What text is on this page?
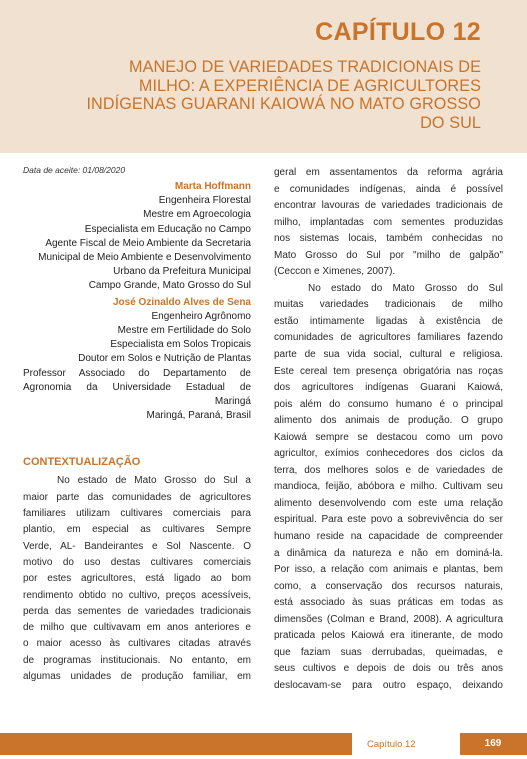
CAPÍTULO 12
MANEJO DE VARIEDADES TRADICIONAIS DE
MILHO: A EXPERIÊNCIA DE AGRICULTORES
INDÍGENAS GUARANI KAIOWÁ NO MATO GROSSO
DO SUL
Data de aceite: 01/08/2020
Marta Hoffmann
Engenheira Florestal
Mestre em Agroecologia
Especialista em Educação no Campo
Agente Fiscal de Meio Ambiente da Secretaria
Municipal de Meio Ambiente e Desenvolvimento
Urbano da Prefeitura Municipal
Campo Grande, Mato Grosso do Sul
José Ozinaldo Alves de Sena
Engenheiro Agrônomo
Mestre em Fertilidade do Solo
Especialista em Solos Tropicais
Doutor em Solos e Nutrição de Plantas
Professor Associado do Departamento de
Agronomia da Universidade Estadual de
Maringá
Maringá, Paraná, Brasil
CONTEXTUALIZAÇÃO
No estado de Mato Grosso do Sul a
maior parte das comunidades de agricultores
familiares utilizam cultivares comerciais para
plantio, em especial as cultivares Sempre
Verde, AL- Bandeirantes e Sol Nascente. O
motivo do uso destas cultivares comerciais
por estes agricultores, está ligado ao bom
rendimento obtido no cultivo, preços acessíveis,
perda das sementes de variedades tradicionais
de milho que cultivavam em anos anteriores e
o maior acesso às cultivares citadas através
de programas institucionais. No entanto, em
algumas unidades de produção familiar, em
geral em assentamentos da reforma agrária
e comunidades indígenas, ainda é possível
encontrar lavouras de variedades tradicionais de
milho, implantadas com sementes produzidas
nos sistemas locais, também conhecidas no
Mato Grosso do Sul por "milho de galpão"
(Ceccon e Ximenes, 2007).
No estado do Mato Grosso do Sul
muitas variedades tradicionais de milho
estão intimamente ligadas à existência de
comunidades de agricultores familiares fazendo
parte de sua vida social, cultural e religiosa.
Este cereal tem presença obrigatória nas roças
dos agricultores indígenas Guarani Kaiowá,
pois além do consumo humano é o principal
alimento dos animais de produção. O grupo
Kaiowá sempre se destacou como um povo
agricultor, exímios conhecedores dos ciclos da
terra, dos melhores solos e de variedades de
mandioca, feijão, abóbora e milho. Cultivam seu
alimento desenvolvendo com este uma relação
espiritual. Para este povo a sobrevivência do ser
humano reside na capacidade de compreender
a dinâmica da natureza e não em dominá-la.
Por isso, a relação com animais e plantas, bem
como, a conservação dos recursos naturais,
está associado às suas práticas em todas as
dimensões (Colman e Brand, 2008). A agricultura
praticada pelos Kaiowá era itinerante, de modo
que faziam suas derrubadas, queimadas, e
seus cultivos e depois de dois ou três anos
deslocavam-se para outro espaço, deixando
Capítulo 12	169
